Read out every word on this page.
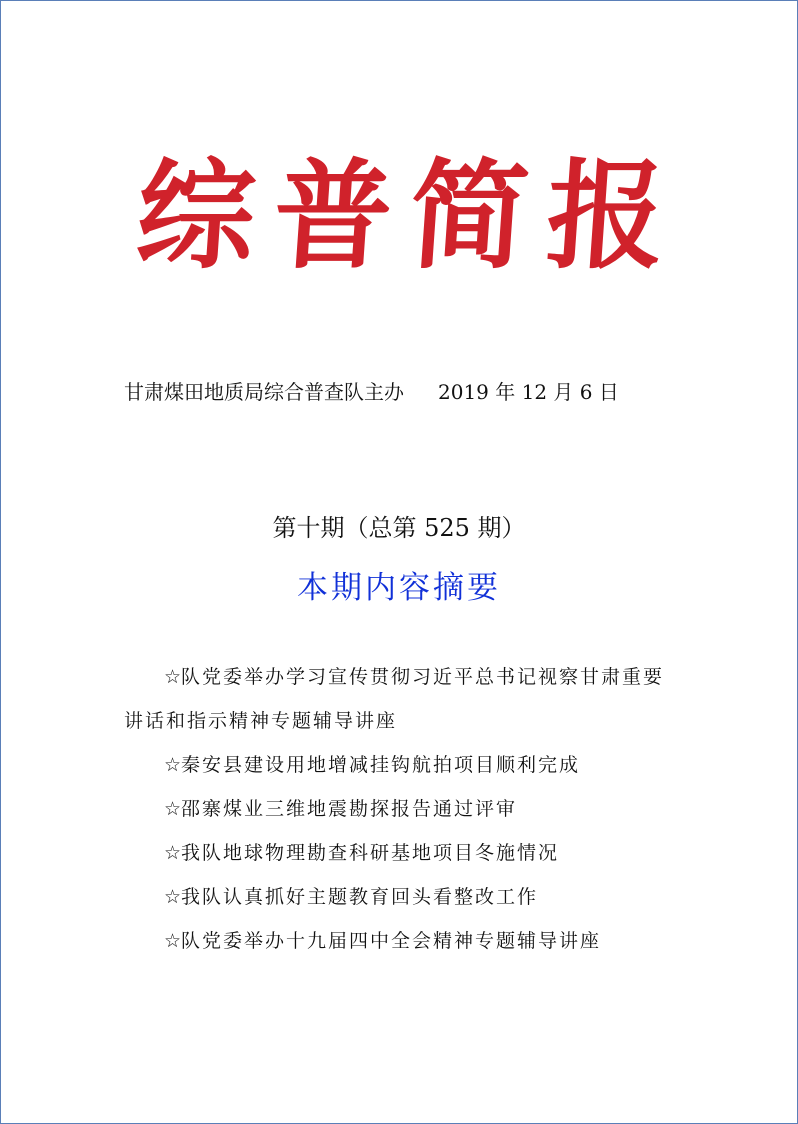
综 普 简 报
甘肃煤田地质局综合普查队主办 2019 年 12 月 6 日
第十期（总第 525 期）
本期内容摘要

☆队党委举办学习宣传贯彻习近平总书记视察甘肃重要讲话和指示精神专题辅导讲座

☆秦安县建设用地增减挂钩航拍项目顺利完成

☆邵寨煤业三维地震勘探报告通过评审

☆我队地球物理勘查科研基地项目冬施情况

☆我队认真抓好主题教育回头看整改工作

☆队党委举办十九届四中全会精神专题辅导讲座
